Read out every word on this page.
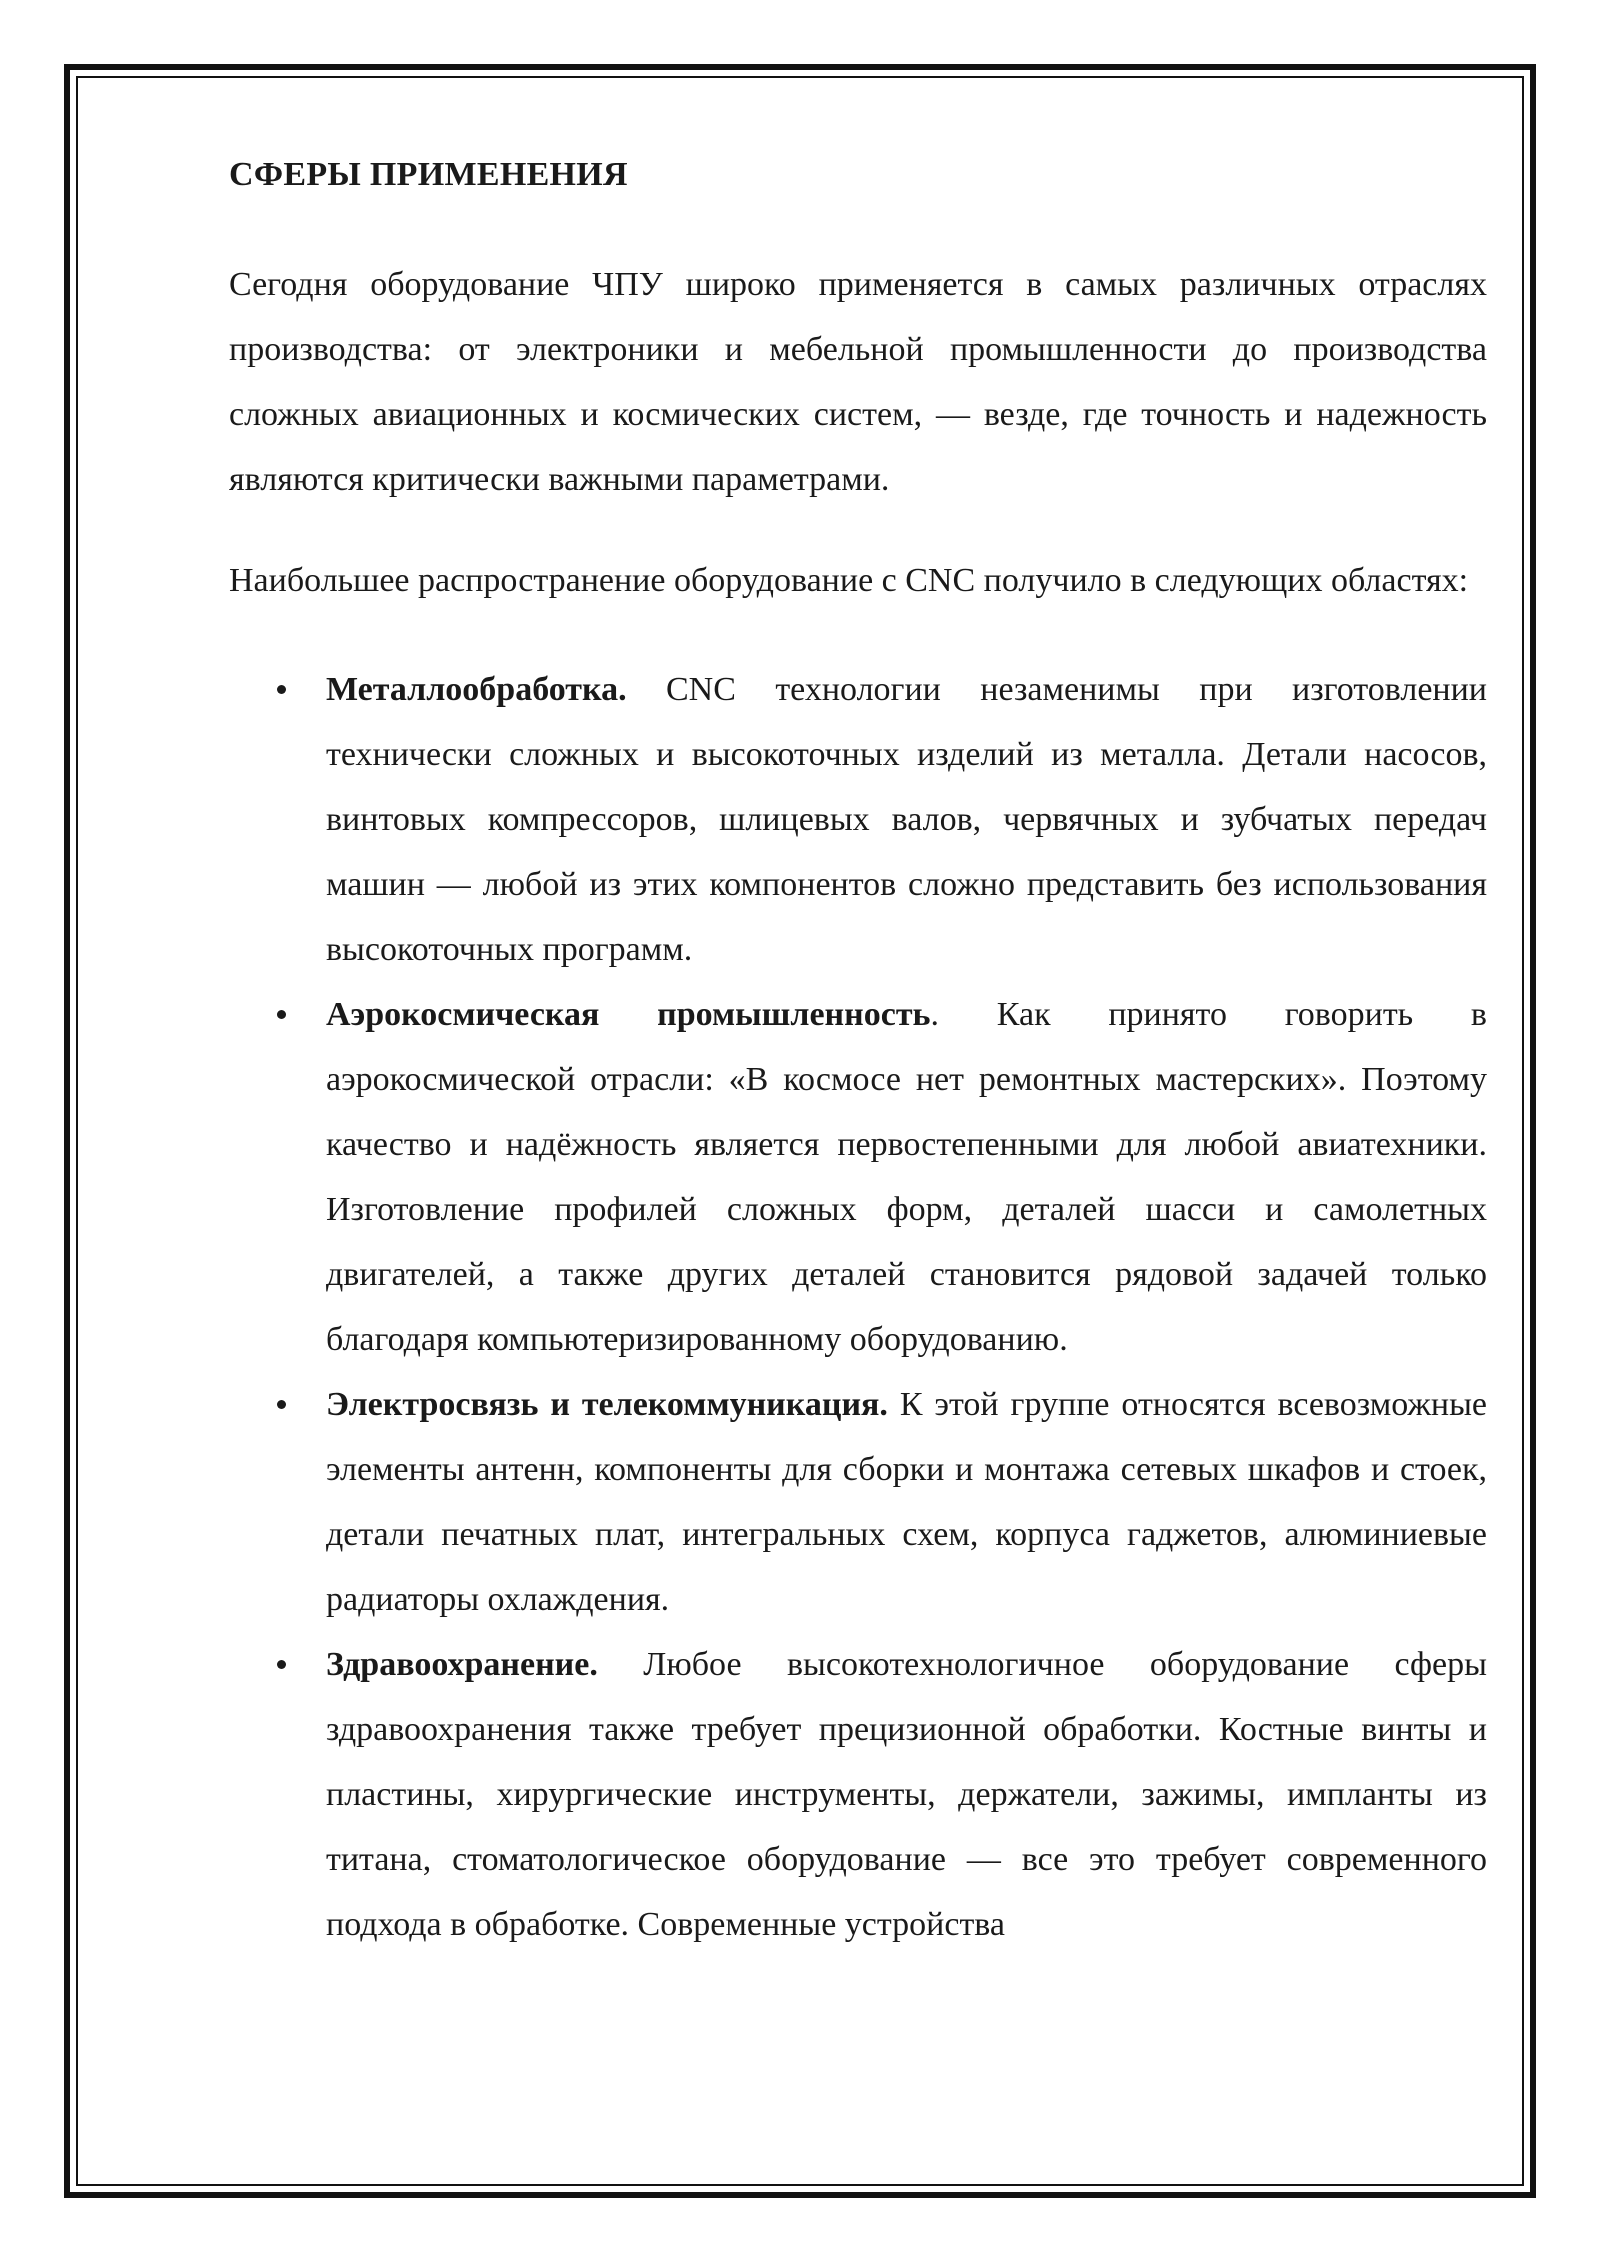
СФЕРЫ ПРИМЕНЕНИЯ

Сегодня оборудование ЧПУ широко применяется в самых различных отраслях производства: от электроники и мебельной промышленности до производства сложных авиационных и космических систем, — везде, где точность и надежность являются критически важными параметрами.

Наибольшее распространение оборудование с CNC получило в следующих областях:

Металлообработка. CNC технологии незаменимы при изготовлении технически сложных и высокоточных изделий из металла. Детали насосов, винтовых компрессоров, шлицевых валов, червячных и зубчатых передач машин — любой из этих компонентов сложно представить без использования высокоточных программ.
Аэрокосмическая промышленность. Как принято говорить в аэрокосмической отрасли: «В космосе нет ремонтных мастерских». Поэтому качество и надёжность является первостепенными для любой авиатехники. Изготовление профилей сложных форм, деталей шасси и самолетных двигателей, а также других деталей становится рядовой задачей только благодаря компьютеризированному оборудованию.
Электросвязь и телекоммуникация. К этой группе относятся всевозможные элементы антенн, компоненты для сборки и монтажа сетевых шкафов и стоек, детали печатных плат, интегральных схем, корпуса гаджетов, алюминиевые радиаторы охлаждения.
Здравоохранение. Любое высокотехнологичное оборудование сферы здравоохранения также требует прецизионной обработки. Костные винты и пластины, хирургические инструменты, держатели, зажимы, импланты из титана, стоматологическое оборудование — все это требует современного подхода в обработке. Современные устройства
